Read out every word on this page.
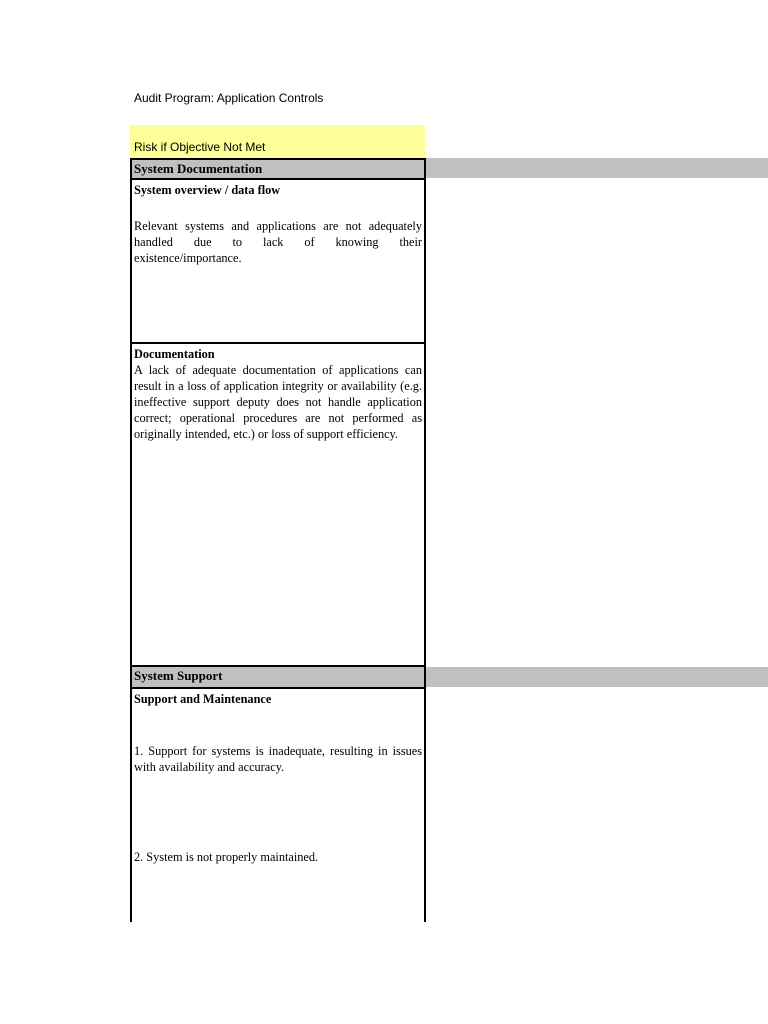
Audit Program: Application Controls
Risk if Objective Not Met
System Documentation
System overview / data flow

Relevant systems and applications are not adequately handled due to lack of knowing their existence/importance.

Documentation

A lack of adequate documentation of applications can result in a loss of application integrity or availability (e.g. ineffective support deputy does not handle application correct; operational procedures are not performed as originally intended, etc.) or loss of support efficiency.

System Support
Support and Maintenance

1. Support for systems is inadequate, resulting in issues with availability and accuracy.

2. System is not properly maintained.
